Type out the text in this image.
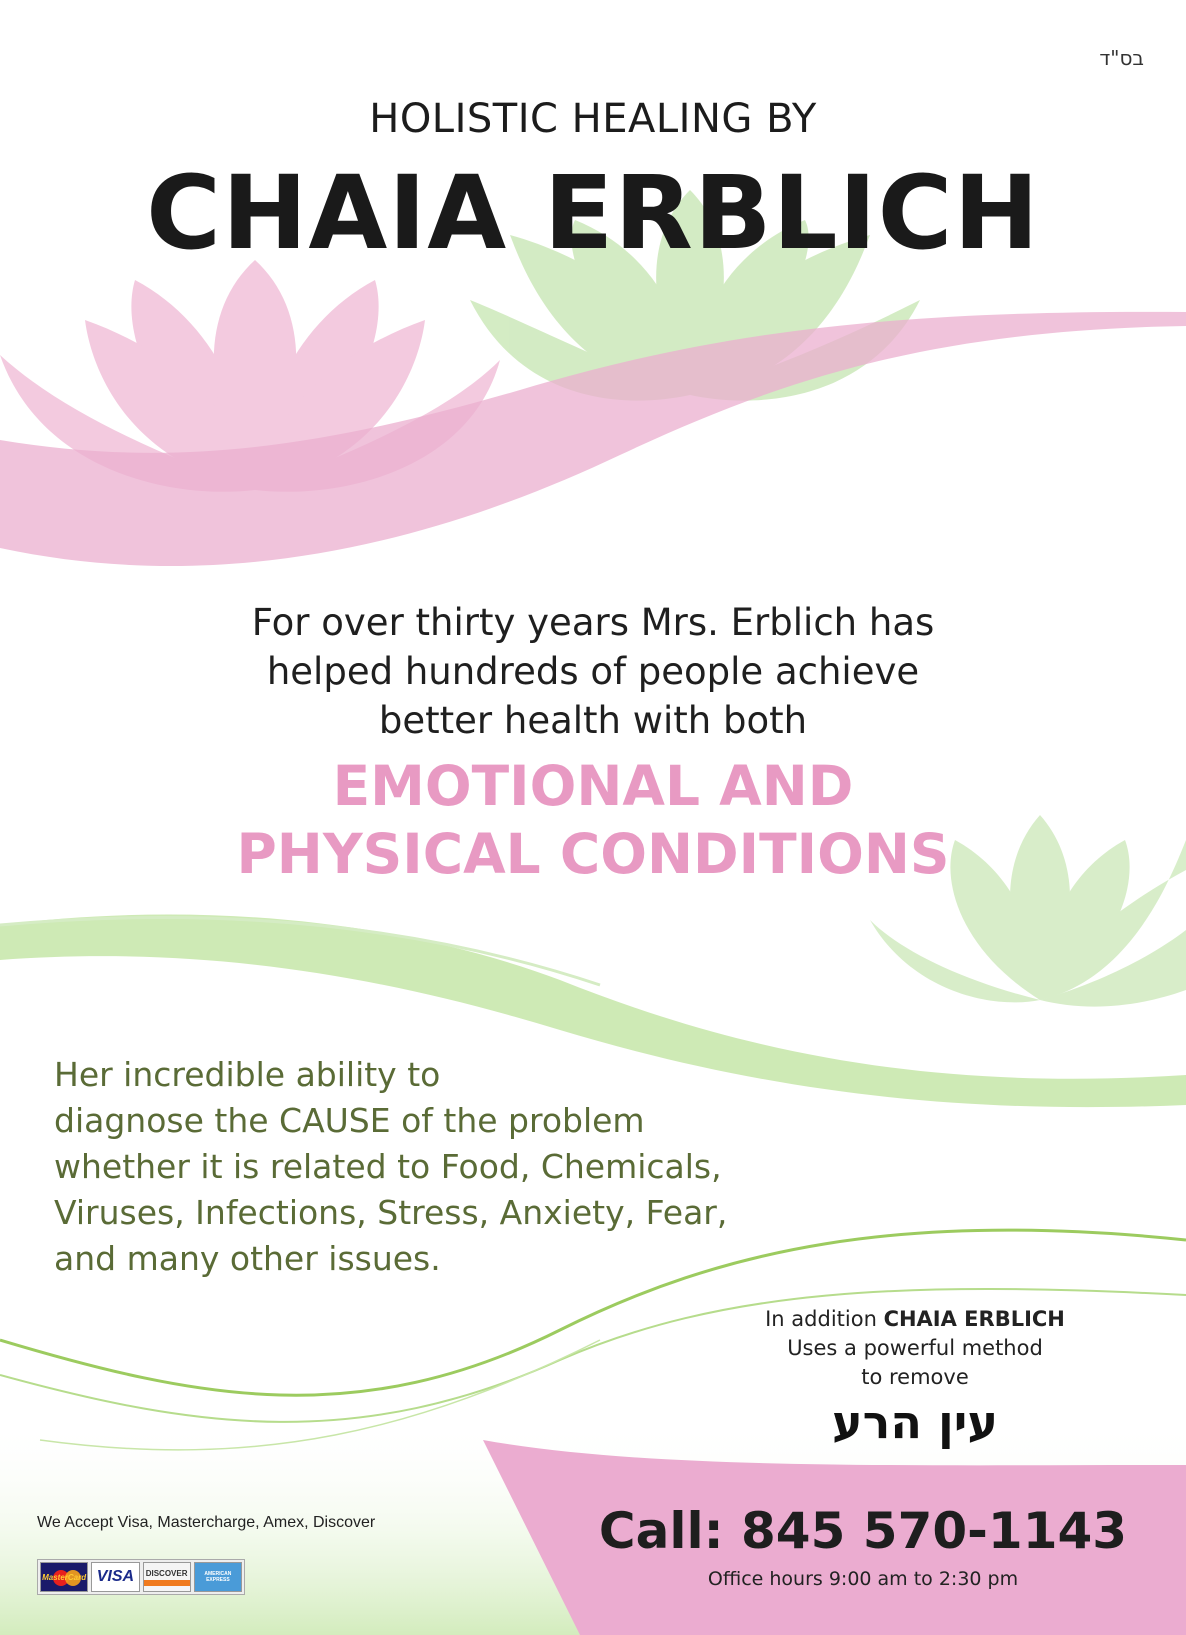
בס"ד
HOLISTIC HEALING BY
CHAIA ERBLICH
For over thirty years Mrs. Erblich has
helped hundreds of people achieve
better health with both
EMOTIONAL AND
PHYSICAL CONDITIONS
Her incredible ability to
diagnose the CAUSE of the problem
whether it is related to Food, Chemicals,
Viruses, Infections, Stress, Anxiety, Fear,
and many other issues.
In addition CHAIA ERBLICH
Uses a powerful method
to remove
עין הרע
Call: 845 570-1143
Office hours 9:00 am to 2:30 pm
We Accept Visa, Mastercharge, Amex, Discover
MasterCard VISA DISCOVER	AMERICAN EXPRESS
